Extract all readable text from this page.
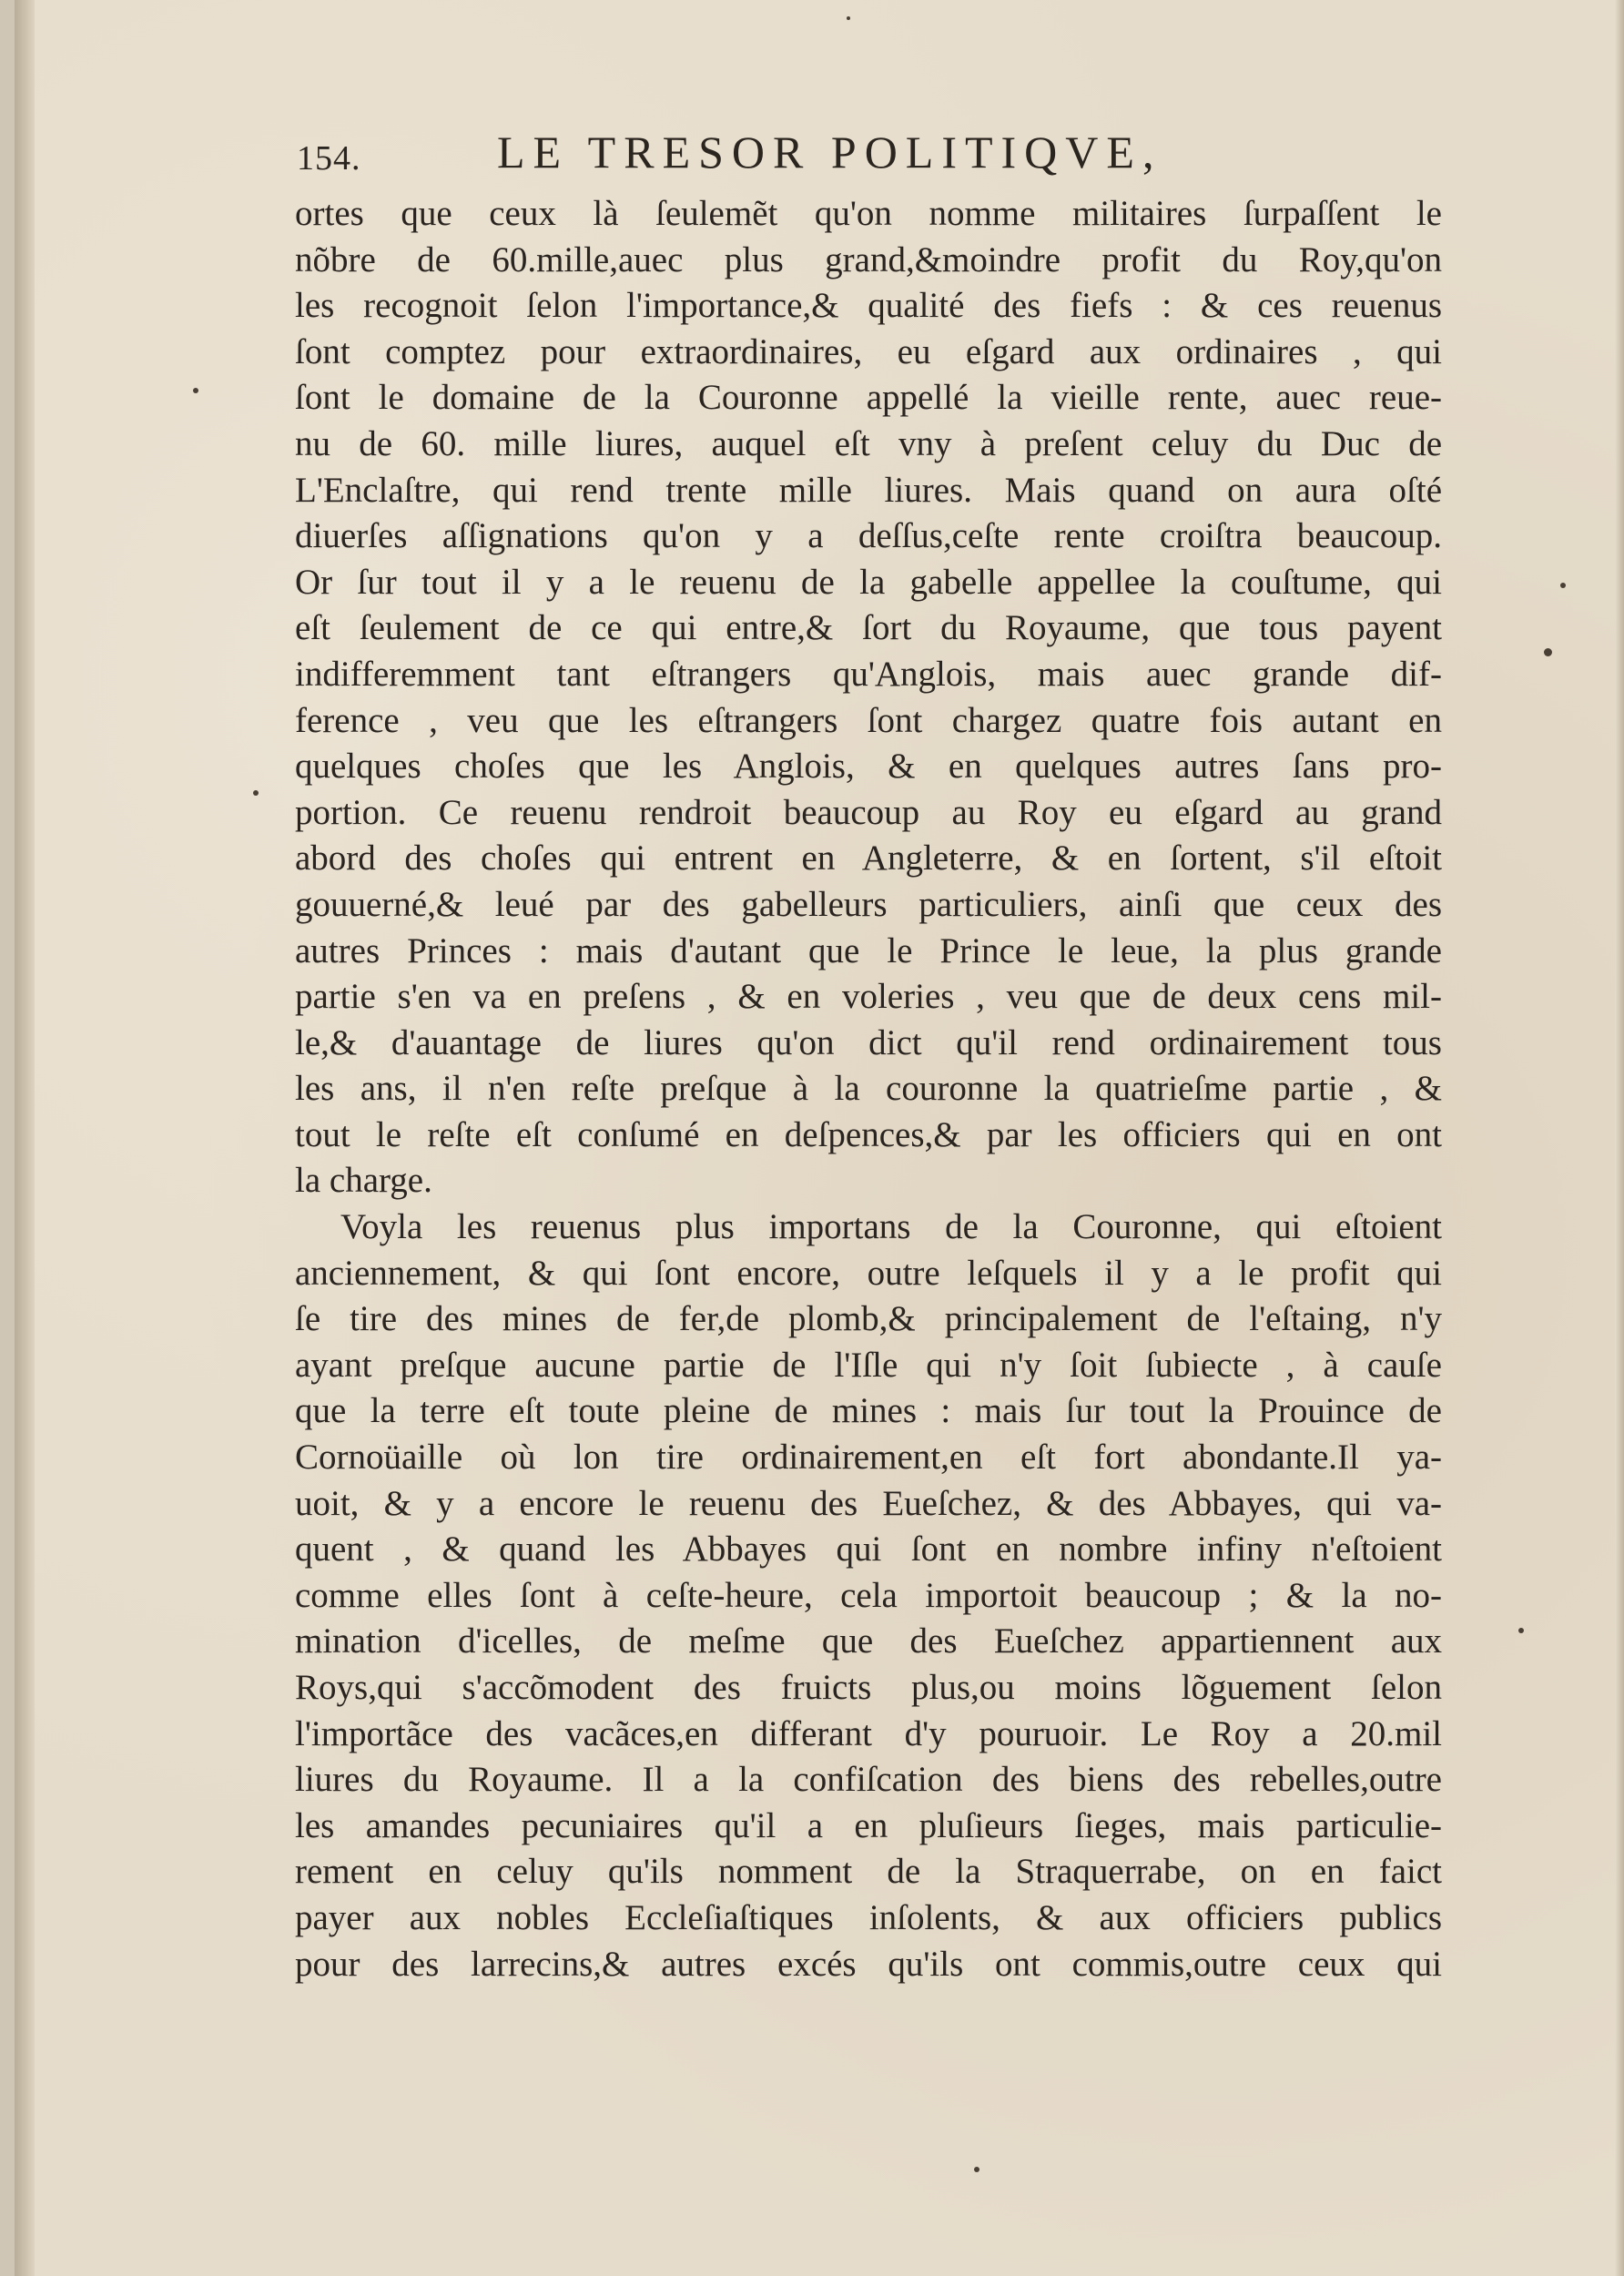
154.	LE TRESOR POLITIQVE,
ortes que ceux là ſeulemẽt qu'on nomme militaires ſurpaſſent le
nõbre de 60.mille,auec plus grand,&moindre profit du Roy,qu'on
les recognoit ſelon l'importance,& qualité des fiefs : & ces reuenus
ſont comptez pour extraordinaires, eu eſgard aux ordinaires , qui
ſont le domaine de la Couronne appellé la vieille rente, auec reue-
nu de 60. mille liures, auquel eſt vny à preſent celuy du Duc de
L'Enclaſtre, qui rend trente mille liures. Mais quand on aura oſté
diuerſes aſſignations qu'on y a deſſus,ceſte rente croiſtra beaucoup.
Or ſur tout il y a le reuenu de la gabelle appellee la couſtume, qui
eſt ſeulement de ce qui entre,& ſort du Royaume, que tous payent
indifferemment tant eſtrangers qu'Anglois, mais auec grande dif-
ference , veu que les eſtrangers ſont chargez quatre fois autant en
quelques choſes que les Anglois, & en quelques autres ſans pro-
portion. Ce reuenu rendroit beaucoup au Roy eu eſgard au grand
abord des choſes qui entrent en Angleterre, & en ſortent, s'il eſtoit
gouuerné,& leué par des gabelleurs particuliers, ainſi que ceux des
autres Princes : mais d'autant que le Prince le leue, la plus grande
partie s'en va en preſens , & en voleries , veu que de deux cens mil-
le,& d'auantage de liures qu'on dict qu'il rend ordinairement tous
les ans, il n'en reſte preſque à la couronne la quatrieſme partie , &
tout le reſte eſt conſumé en deſpences,& par les officiers qui en ont
la charge.
Voyla les reuenus plus importans de la Couronne, qui eſtoient
anciennement, & qui ſont encore, outre leſquels il y a le profit qui
ſe tire des mines de fer,de plomb,& principalement de l'eſtaing, n'y
ayant preſque aucune partie de l'Iſle qui n'y ſoit ſubiecte , à cauſe
que la terre eſt toute pleine de mines : mais ſur tout la Prouince de
Cornoüaille où lon tire ordinairement,en eſt fort abondante.Il ya-
uoit, & y a encore le reuenu des Eueſchez, & des Abbayes, qui va-
quent , & quand les Abbayes qui ſont en nombre infiny n'eſtoient
comme elles ſont à ceſte-heure, cela importoit beaucoup ; & la no-
mination d'icelles, de meſme que des Eueſchez appartiennent aux
Roys,qui s'accõmodent des fruicts plus,ou moins lõguement ſelon
l'importãce des vacãces,en differant d'y pouruoir. Le Roy a 20.mil
liures du Royaume. Il a la confiſcation des biens des rebelles,outre
les amandes pecuniaires qu'il a en pluſieurs ſieges, mais particulie-
rement en celuy qu'ils nomment de la Straquerrabe, on en faict
payer aux nobles Eccleſiaſtiques inſolents, & aux officiers publics
pour des larrecins,& autres excés qu'ils ont commis,outre ceux qui
